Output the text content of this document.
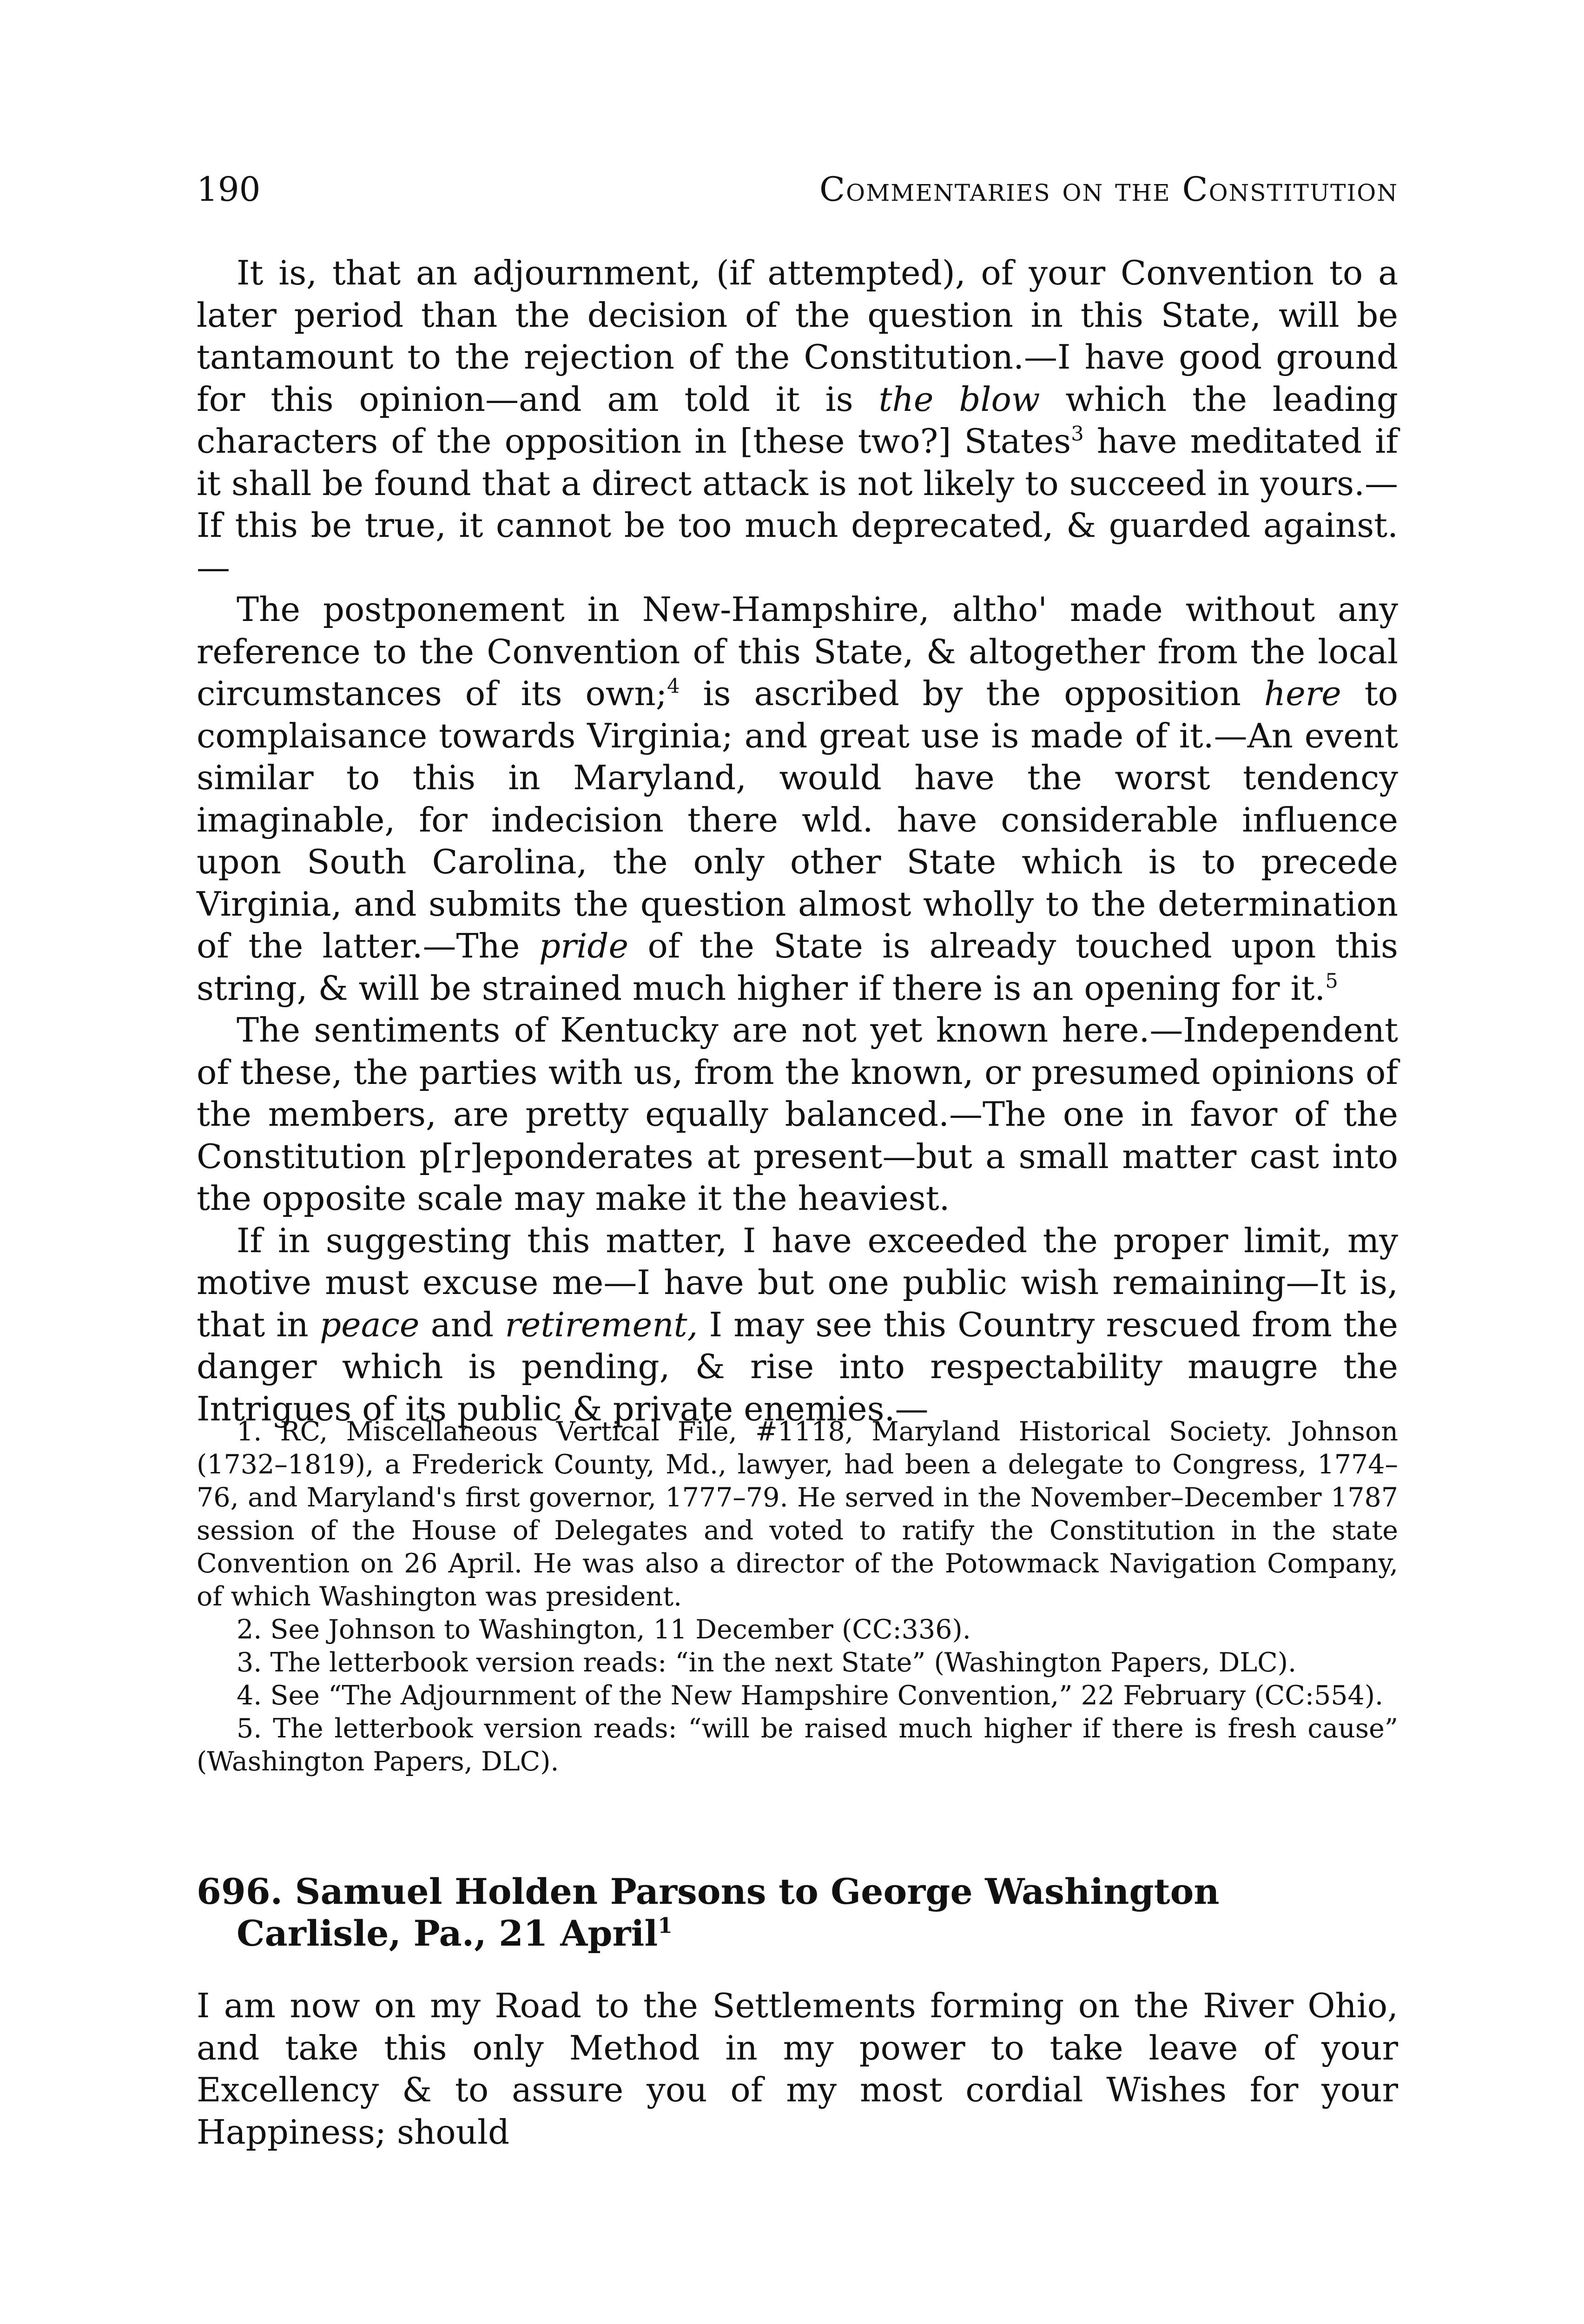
190	Commentaries on the Constitution

It is, that an adjournment, (if attempted), of your Convention to a later period than the decision of the question in this State, will be tantamount to the rejection of the Constitution.—I have good ground for this opinion—and am told it is the blow which the leading characters of the opposition in [these two?] States$^3$ have meditated if it shall be found that a direct attack is not likely to succeed in yours.—If this be true, it cannot be too much deprecated, & guarded against.—

The postponement in New-Hampshire, altho' made without any reference to the Convention of this State, & altogether from the local circumstances of its own;$^4$ is ascribed by the opposition here to complaisance towards Virginia; and great use is made of it.—An event similar to this in Maryland, would have the worst tendency imaginable, for indecision there wld. have considerable influence upon South Carolina, the only other State which is to precede Virginia, and submits the question almost wholly to the determination of the latter.—The pride of the State is already touched upon this string, & will be strained much higher if there is an opening for it.$^5$

The sentiments of Kentucky are not yet known here.—Independent of these, the parties with us, from the known, or presumed opinions of the members, are pretty equally balanced.—The one in favor of the Constitution p[r]eponderates at present—but a small matter cast into the opposite scale may make it the heaviest.

If in suggesting this matter, I have exceeded the proper limit, my motive must excuse me—I have but one public wish remaining—It is, that in peace and retirement, I may see this Country rescued from the danger which is pending, & rise into respectability maugre the Intrigues of its public & private enemies.—

1. RC, Miscellaneous Vertical File, #1118, Maryland Historical Society. Johnson (1732–1819), a Frederick County, Md., lawyer, had been a delegate to Congress, 1774–76, and Maryland's first governor, 1777–79. He served in the November–December 1787 session of the House of Delegates and voted to ratify the Constitution in the state Convention on 26 April. He was also a director of the Potowmack Navigation Company, of which Washington was president.

2. See Johnson to Washington, 11 December (CC:336).

3. The letterbook version reads: “in the next State” (Washington Papers, DLC).

4. See “The Adjournment of the New Hampshire Convention,” 22 February (CC:554).

5. The letterbook version reads: “will be raised much higher if there is fresh cause” (Washington Papers, DLC).

696. Samuel Holden Parsons to George Washington
Carlisle, Pa., 21 April$^1$

I am now on my Road to the Settlements forming on the River Ohio, and take this only Method in my power to take leave of your Excellency & to assure you of my most cordial Wishes for your Happiness; should
